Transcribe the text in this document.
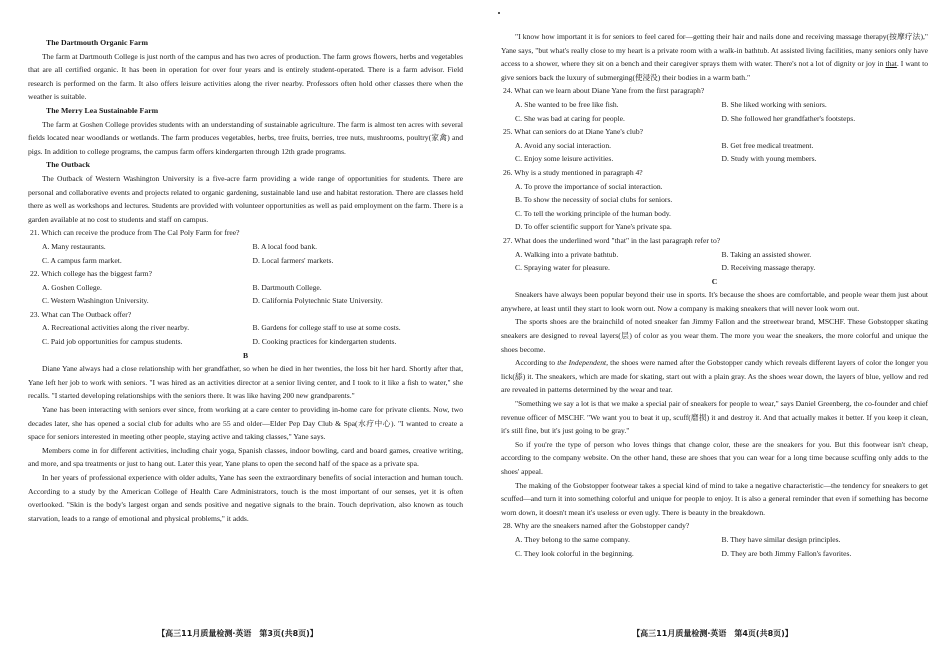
The Dartmouth Organic Farm

The farm at Dartmouth College is just north of the campus and has two acres of production. The farm grows flowers, herbs and vegetables that are all certified organic. It has been in operation for over four years and is entirely student-operated. There is a farm advisor. Field research is performed on the farm. It also offers leisure activities along the river nearby. Professors often hold other classes there when the weather is suitable.

The Merry Lea Sustainable Farm

The farm at Goshen College provides students with an understanding of sustainable agriculture. The farm is almost ten acres with several fields located near woodlands or wetlands. The farm produces vegetables, herbs, tree fruits, berries, tree nuts, mushrooms, poultry(家禽) and pigs. In addition to college programs, the campus farm offers kindergarten through 12th grade programs.

The Outback

The Outback of Western Washington University is a five-acre farm providing a wide range of opportunities for students. There are personal and collaborative events and projects related to organic gardening, sustainable land use and habitat restoration. There are classes held there as well as workshops and lectures. Students are provided with volunteer opportunities as well as paid employment on the farm. There is a garden available at no cost to students and staff on campus.

21. Which can receive the produce from The Cal Poly Farm for free?

A. Many restaurants.	B. A local food bank.
C. A campus farm market.	D. Local farmers' markets.

22. Which college has the biggest farm?

A. Goshen College.	B. Dartmouth College.
C. Western Washington University.	D. California Polytechnic State University.

23. What can The Outback offer?

A. Recreational activities along the river nearby.	B. Gardens for college staff to use at some costs.
C. Paid job opportunities for campus students.	D. Cooking practices for kindergarten students.

B

Diane Yane always had a close relationship with her grandfather, so when he died in her twenties, the loss bit her hard. Shortly after that, Yane left her job to work with seniors. "I was hired as an activities director at a senior living center, and I took to it like a fish to water," she recalls. "I started developing relationships with the seniors there. It was like having 200 new grandparents."

Yane has been interacting with seniors ever since, from working at a care center to providing in-home care for private clients. Now, two decades later, she has opened a social club for adults who are 55 and older—Elder Pep Day Club & Spa(水疗中心). "I wanted to create a space for seniors interested in meeting other people, staying active and taking classes," Yane says.

Members come in for different activities, including chair yoga, Spanish classes, indoor bowling, card and board games, creative writing, and more, and spa treatments or just to hang out. Later this year, Yane plans to open the second half of the space as a private spa.

In her years of professional experience with older adults, Yane has seen the extraordinary benefits of social interaction and human touch. According to a study by the American College of Health Care Administrators, touch is the most important of our senses, yet it is often overlooked. "Skin is the body's largest organ and sends positive and negative signals to the brain. Touch deprivation, also known as touch starvation, leads to a range of emotional and physical problems," it adds.

【高三11月质量检测·英语　第3页(共8页)】

"I know how important it is for seniors to feel cared for—getting their hair and nails done and receiving massage therapy(按摩疗法)," Yane says, "but what's really close to my heart is a private room with a walk-in bathtub. At assisted living facilities, many seniors only have access to a shower, where they sit on a bench and their caregiver sprays them with water. There's not a lot of dignity or joy in that. I want to give seniors back the luxury of submerging(使浸没) their bodies in a warm bath."

24. What can we learn about Diane Yane from the first paragraph?

A. She wanted to be free like fish.	B. She liked working with seniors.
C. She was bad at caring for people.	D. She followed her grandfather's footsteps.

25. What can seniors do at Diane Yane's club?

A. Avoid any social interaction.	B. Get free medical treatment.
C. Enjoy some leisure activities.	D. Study with young members.

26. Why is a study mentioned in paragraph 4?

A. To prove the importance of social interaction.
B. To show the necessity of social clubs for seniors.
C. To tell the working principle of the human body.
D. To offer scientific support for Yane's private spa.

27. What does the underlined word "that" in the last paragraph refer to?

A. Walking into a private bathtub.	B. Taking an assisted shower.
C. Spraying water for pleasure.	D. Receiving massage therapy.

C

Sneakers have always been popular beyond their use in sports. It's because the shoes are comfortable, and people wear them just about anywhere, at least until they start to look worn out. Now a company is making sneakers that will never look worn out.

The sports shoes are the brainchild of noted sneaker fan Jimmy Fallon and the streetwear brand, MSCHF. These Gobstopper skating sneakers are designed to reveal layers(层) of color as you wear them. The more you wear the sneakers, the more colorful and unique the shoes become.

According to the Independent, the shoes were named after the Gobstopper candy which reveals different layers of color the longer you lick(舔) it. The sneakers, which are made for skating, start out with a plain gray. As the shoes wear down, the layers of blue, yellow and red are revealed in patterns determined by the wear and tear.

"Something we say a lot is that we make a special pair of sneakers for people to wear," says Daniel Greenberg, the co-founder and chief revenue officer of MSCHF. "We want you to beat it up, scuff(磨损) it and destroy it. And that actually makes it better. If you keep it clean, it's still fine, but it's just going to be gray."

So if you're the type of person who loves things that change color, these are the sneakers for you. But this footwear isn't cheap, according to the company website. On the other hand, these are shoes that you can wear for a long time because scuffing only adds to the shoes' appeal.

The making of the Gobstopper footwear takes a special kind of mind to take a negative characteristic—the tendency for sneakers to get scuffed—and turn it into something colorful and unique for people to enjoy. It is also a general reminder that even if something has become worn down, it doesn't mean it's useless or even ugly. There is beauty in the breakdown.

28. Why are the sneakers named after the Gobstopper candy?

A. They belong to the same company.	B. They have similar design principles.
C. They look colorful in the beginning.	D. They are both Jimmy Fallon's favorites.
【高三11月质量检测·英语　第4页(共8页)】
